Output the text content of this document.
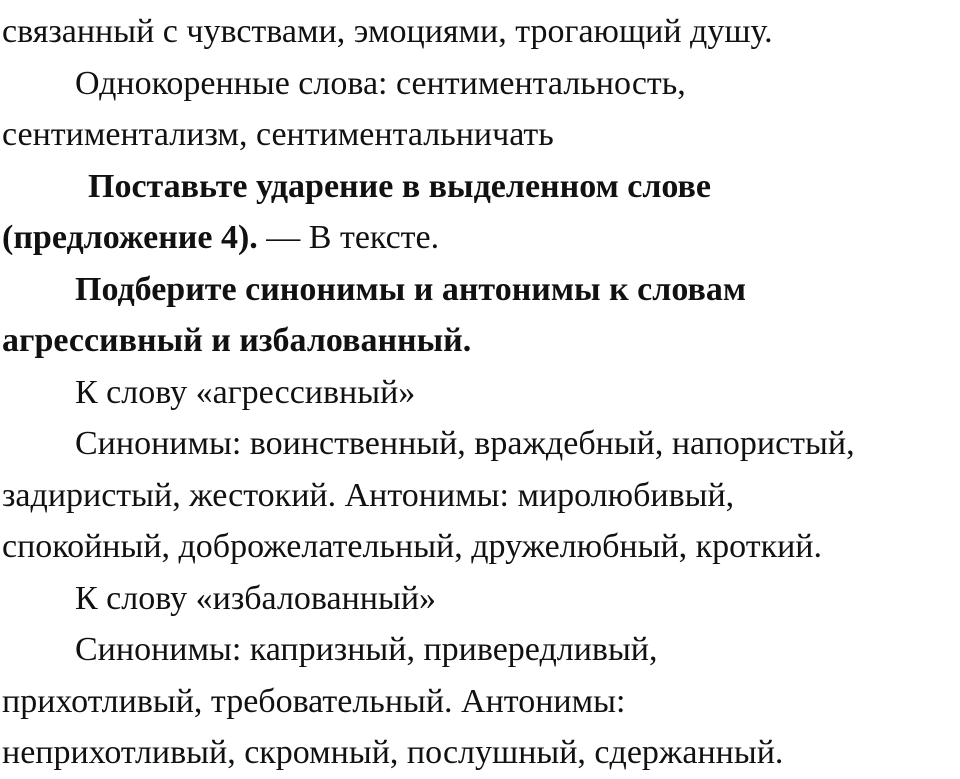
связанный с чувствами, эмоциями, трогающий душу.
Однокоренные слова: сентиментальность,
сентиментализм, сентиментальничать
Поставьте ударение в выделенном слове
(предложение 4). — В тексте.
Подберите синонимы и антонимы к словам
агрессивный и избалованный.
К слову «агрессивный»
Синонимы: воинственный, враждебный, напористый,
задиристый, жестокий. Антонимы: миролюбивый,
спокойный, доброжелательный, дружелюбный, кроткий.
К слову «избалованный»
Синонимы: капризный, привередливый,
прихотливый, требовательный. Антонимы:
неприхотливый, скромный, послушный, сдержанный.
